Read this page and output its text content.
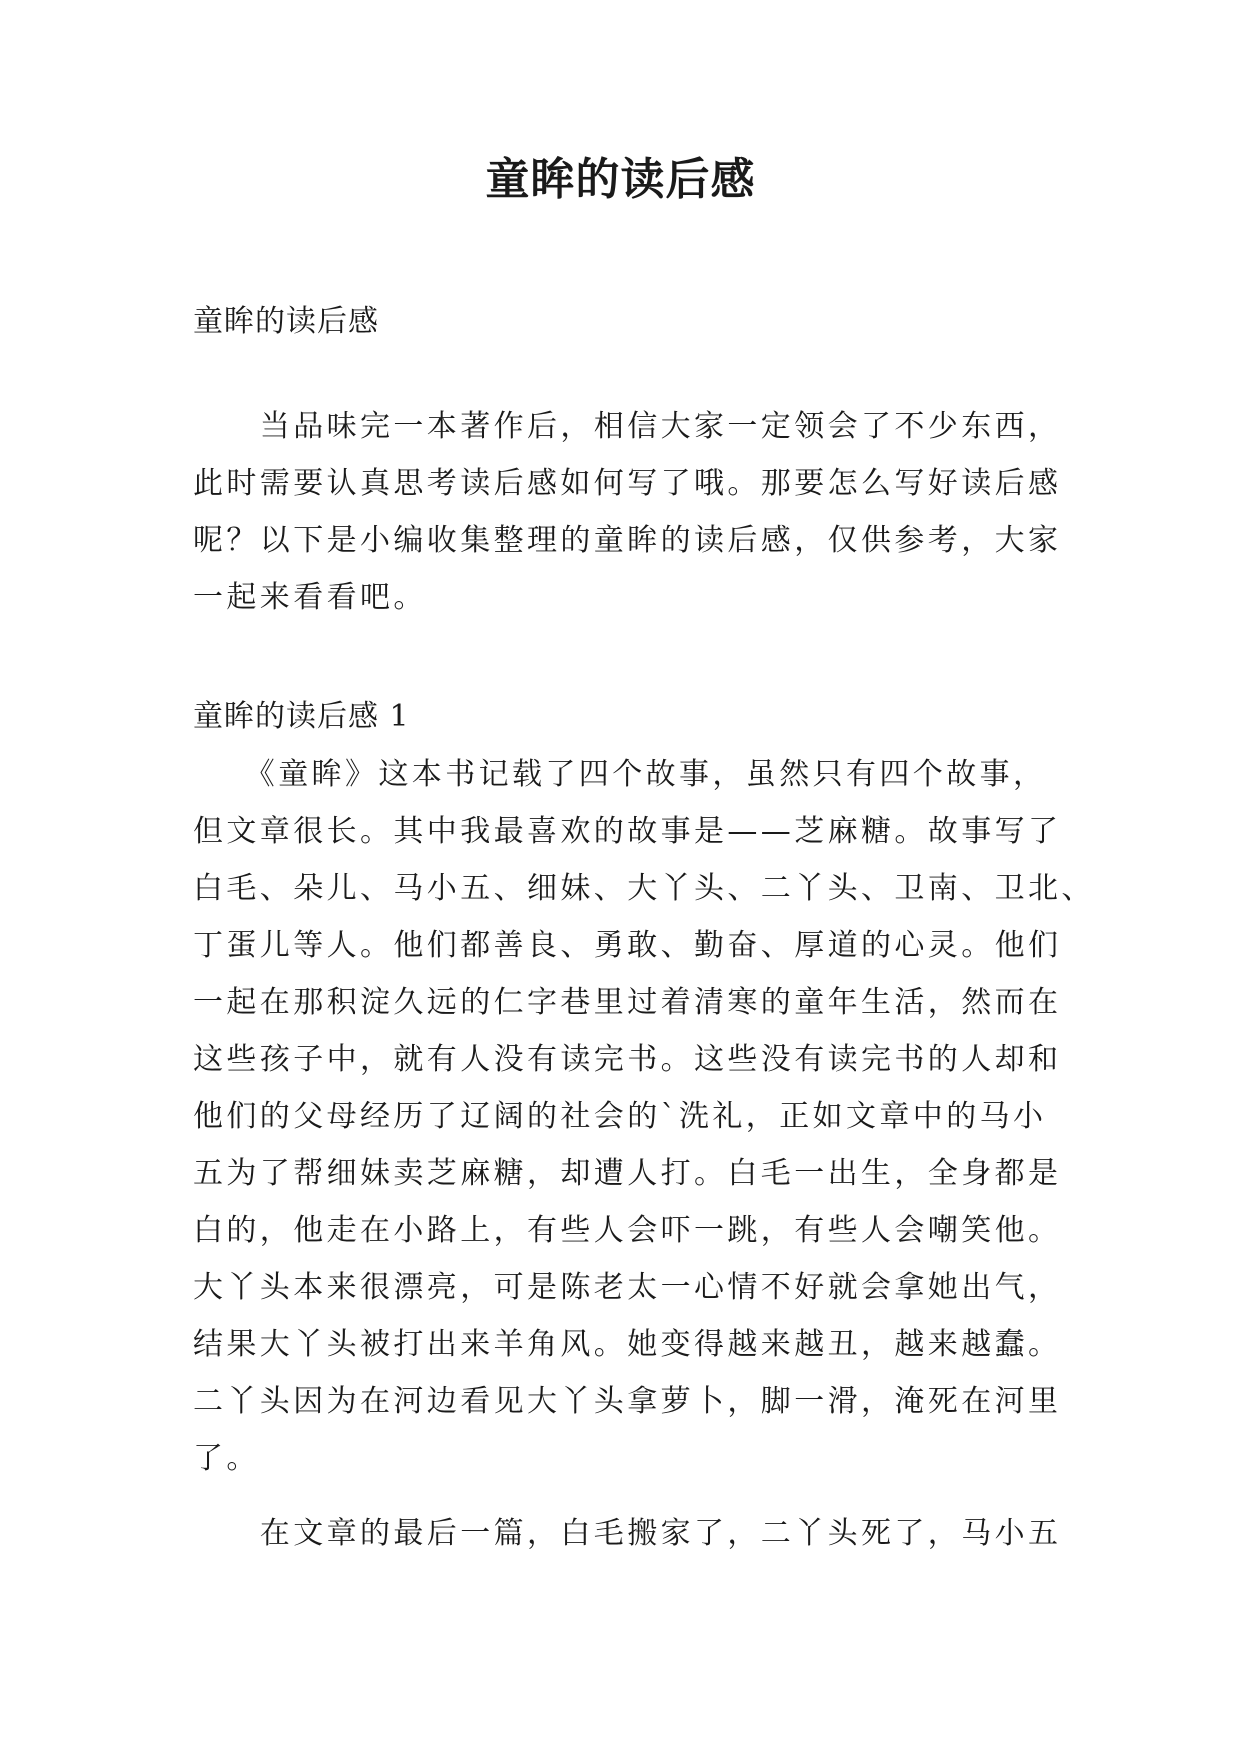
童眸的读后感
童眸的读后感
　　当品味完一本著作后，相信大家一定领会了不少东西，
此时需要认真思考读后感如何写了哦。那要怎么写好读后感
呢？以下是小编收集整理的童眸的读后感，仅供参考，大家
一起来看看吧。
童眸的读后感 1
　　《童眸》这本书记载了四个故事，虽然只有四个故事，
但文章很长。其中我最喜欢的故事是——芝麻糖。故事写了
白毛、朵儿、马小五、细妹、大丫头、二丫头、卫南、卫北、
丁蛋儿等人。他们都善良、勇敢、勤奋、厚道的心灵。他们
一起在那积淀久远的仁字巷里过着清寒的童年生活，然而在
这些孩子中，就有人没有读完书。这些没有读完书的人却和
他们的父母经历了辽阔的社会的`洗礼，正如文章中的马小
五为了帮细妹卖芝麻糖，却遭人打。白毛一出生，全身都是
白的，他走在小路上，有些人会吓一跳，有些人会嘲笑他。
大丫头本来很漂亮，可是陈老太一心情不好就会拿她出气，
结果大丫头被打出来羊角风。她变得越来越丑，越来越蠢。
二丫头因为在河边看见大丫头拿萝卜，脚一滑，淹死在河里
了。
　　在文章的最后一篇，白毛搬家了，二丫头死了，马小五
